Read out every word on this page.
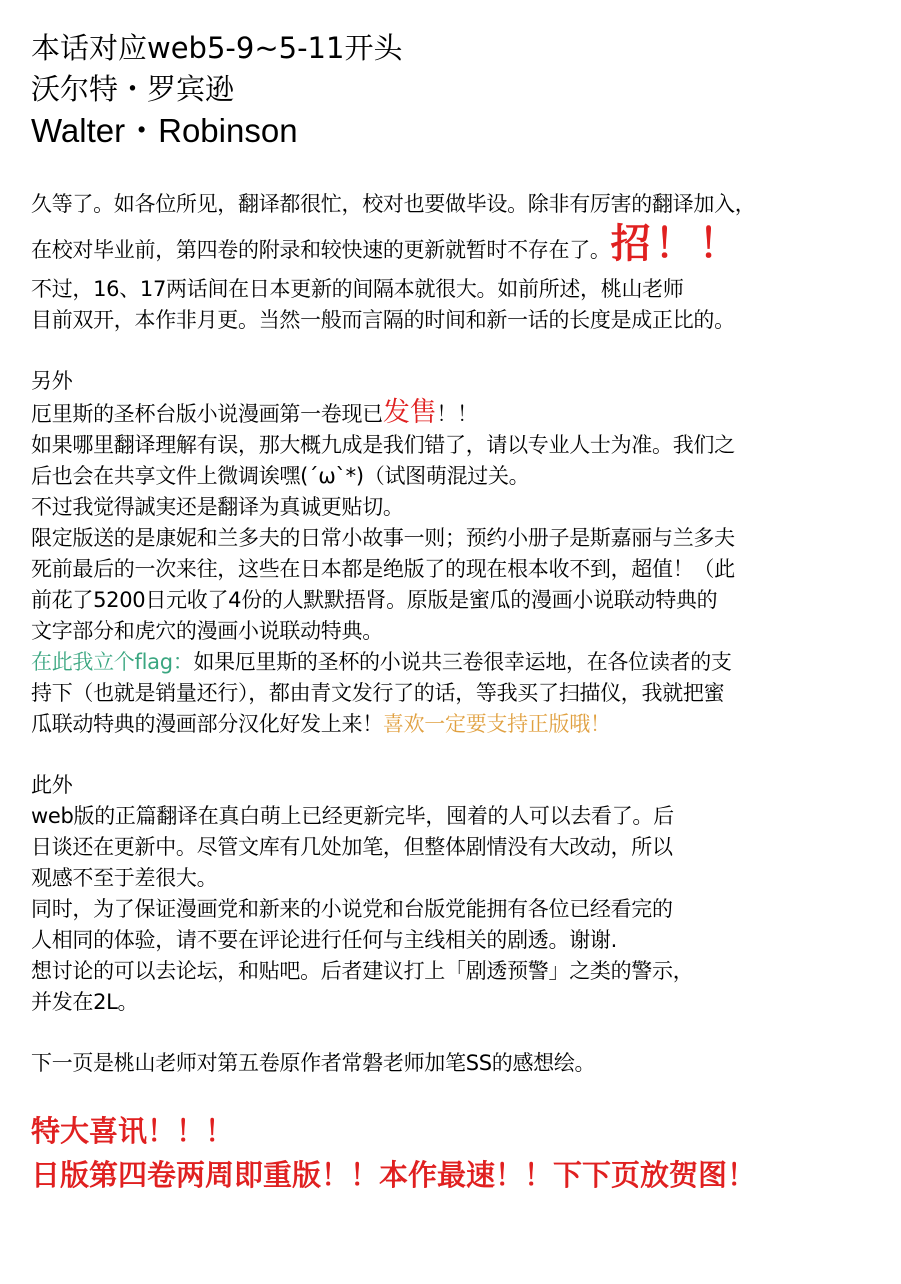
本话对应web5-9~5-11开头
沃尔特・罗宾逊
Walter・Robinson
久等了。如各位所见，翻译都很忙，校对也要做毕设。除非有厉害的翻译加入，
在校对毕业前，第四卷的附录和较快速的更新就暂时不存在了。招！！
不过，16、17两话间在日本更新的间隔本就很大。如前所述，桃山老师
目前双开，本作非月更。当然一般而言隔的时间和新一话的长度是成正比的。
另外
厄里斯的圣杯台版小说漫画第一卷现已发售！！
如果哪里翻译理解有误，那大概九成是我们错了，请以专业人士为准。我们之
后也会在共享文件上微调诶嘿(´ω`*)（试图萌混过关。
不过我觉得誠実还是翻译为真诚更贴切。
限定版送的是康妮和兰多夫的日常小故事一则；预约小册子是斯嘉丽与兰多夫
死前最后的一次来往，这些在日本都是绝版了的现在根本收不到，超值！（此
前花了5200日元收了4份的人默默捂肾。原版是蜜瓜的漫画小说联动特典的
文字部分和虎穴的漫画小说联动特典。
在此我立个flag：如果厄里斯的圣杯的小说共三卷很幸运地，在各位读者的支
持下（也就是销量还行），都由青文发行了的话，等我买了扫描仪，我就把蜜
瓜联动特典的漫画部分汉化好发上来！喜欢一定要支持正版哦！
此外
web版的正篇翻译在真白萌上已经更新完毕，囤着的人可以去看了。后
日谈还在更新中。尽管文库有几处加笔，但整体剧情没有大改动，所以
观感不至于差很大。
同时，为了保证漫画党和新来的小说党和台版党能拥有各位已经看完的
人相同的体验，请不要在评论进行任何与主线相关的剧透。谢谢.
想讨论的可以去论坛，和贴吧。后者建议打上「剧透预警」之类的警示，
并发在2L。
下一页是桃山老师对第五卷原作者常磐老师加笔SS的感想绘。
特大喜讯！！！
日版第四卷两周即重版！！本作最速！！下下页放贺图！
